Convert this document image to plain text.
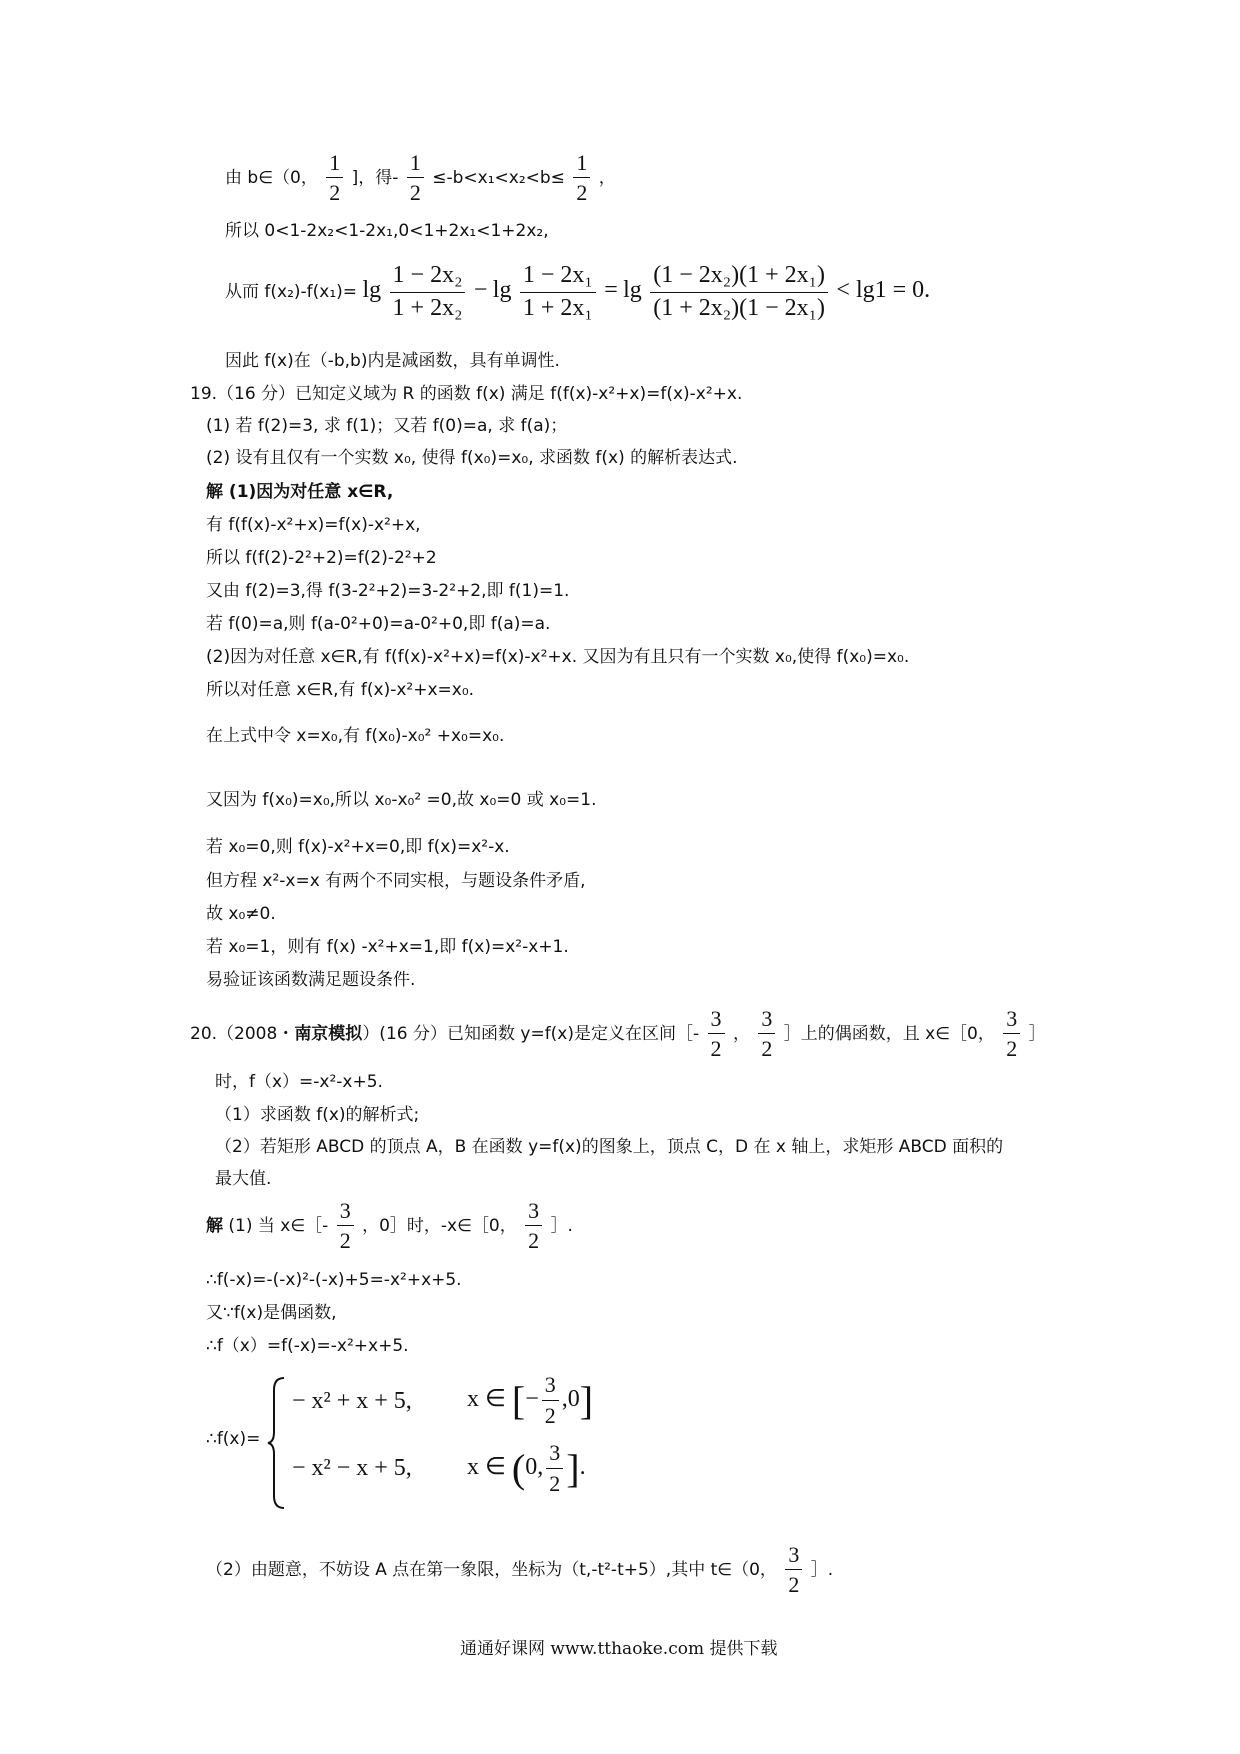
由 b∈（0， $\frac{1}{2}$ ]，得- $\frac{1}{2} \le-b<x_1<x_2<b\le \frac{1}{2}$ ，
所以 0<1-2x₂<1-2x₁,0<1+2x₁<1+2x₂,
从而 $f(x_2)-f(x_1)= \lg \frac{\text{1 − 2x₂}}{\text{1 + 2x₂}} - \lg \frac{\text{1 − 2x₁}}{\text{1 + 2x₁}} = \lg \frac{\text{(1 − 2x₂)(1 + 2x₁)}}{\text{(1 + 2x₂)(1 − 2x₁)}} < \lg 1 = 0$.
因此 f(x)在（-b,b)内是减函数，具有单调性.
19.（16 分）已知定义域为 R 的函数 f(x) 满足 f(f(x)-x²+x)=f(x)-x²+x.
(1) 若 f(2)=3, 求 f(1)；又若 f(0)=a, 求 f(a)；
(2) 设有且仅有一个实数 x₀, 使得 f(x₀)=x₀, 求函数 f(x) 的解析表达式.
解 (1)因为对任意 x∈R,
有 f(f(x)-x²+x)=f(x)-x²+x,
所以 f(f(2)-2²+2)=f(2)-2²+2
又由 f(2)=3,得 f(3-2²+2)=3-2²+2,即 f(1)=1.
若 f(0)=a,则 f(a-0²+0)=a-0²+0,即 f(a)=a.
(2)因为对任意 x∈R,有 f(f(x)-x²+x)=f(x)-x²+x. 又因为有且只有一个实数 x₀,使得 f(x₀)=x₀.
所以对任意 x∈R,有 f(x)-x²+x=x₀.
在上式中令 x=x₀,有 f(x₀)-x₀² +x₀=x₀.
又因为 f(x₀)=x₀,所以 x₀-x₀² =0,故 x₀=0 或 x₀=1.
若 x₀=0,则 f(x)-x²+x=0,即 f(x)=x²-x.
但方程 x²-x=x 有两个不同实根，与题设条件矛盾,
故 x₀≠0.
若 x₀=1，则有 f(x) -x²+x=1,即 f(x)=x²-x+1.
易验证该函数满足题设条件.
20.（2008・南京模拟）(16 分）已知函数 y=f(x)是定义在区间［- $\frac{3}{2}$ ， $\frac{3}{2}$ ］上的偶函数，且 x∈［0， $\frac{3}{2}$ ］
时，f（x）=-x²-x+5.
（1）求函数 f(x)的解析式;
（2）若矩形 ABCD 的顶点 A，B 在函数 y=f(x)的图象上，顶点 C，D 在 x 轴上，求矩形 ABCD 面积的
最大值.
解 (1) 当 x∈［- $\frac{3}{2}$ ，0］时，-x∈［0， $\frac{3}{2}$ ］.
∴f(-x)=-(-x)²-(-x)+5=-x²+x+5.
又∵f(x)是偶函数,
∴f（x）=f(-x)=-x²+x+5.
∴f(x)=
− x² + x + 5, x ∈ [− $\frac{3}{2} ,0$]
− x² − x + 5, x ∈ (0, $\frac{3}{2}$ ].
（2）由题意，不妨设 A 点在第一象限，坐标为（t,-t²-t+5）,其中 t∈（0， $\frac{3}{2}$ ］.
通通好课网 www.tthaoke.com 提供下载
